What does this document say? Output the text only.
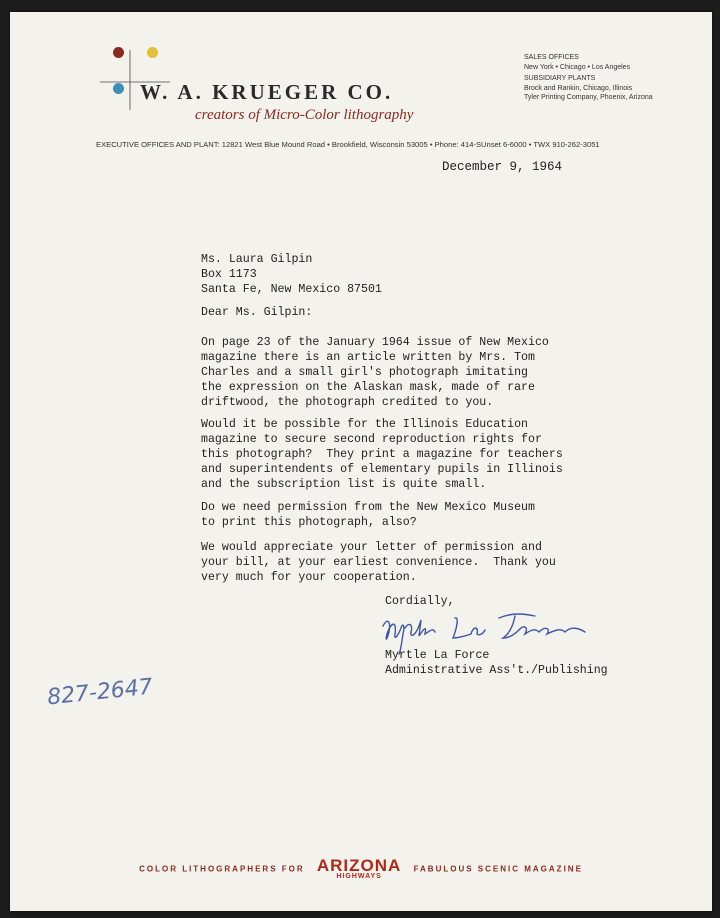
W. A. KRUEGER CO.
creators of Micro-Color lithography
SALES OFFICES
New York • Chicago • Los Angeles
SUBSIDIARY PLANTS
Brock and Rankin, Chicago, Illinois
Tyler Printing Company, Phoenix, Arizona
EXECUTIVE OFFICES AND PLANT: 12821 West Blue Mound Road • Brookfield, Wisconsin 53005 • Phone: 414-SUnset 6-6000 • TWX 910-262-3051
December 9, 1964
Ms. Laura Gilpin
Box 1173
Santa Fe, New Mexico 87501
Dear Ms. Gilpin:
On page 23 of the January 1964 issue of New Mexico
magazine there is an article written by Mrs. Tom
Charles and a small girl's photograph imitating
the expression on the Alaskan mask, made of rare
driftwood, the photograph credited to you.
Would it be possible for the Illinois Education
magazine to secure second reproduction rights for
this photograph?  They print a magazine for teachers
and superintendents of elementary pupils in Illinois
and the subscription list is quite small.
Do we need permission from the New Mexico Museum
to print this photograph, also?
We would appreciate your letter of permission and
your bill, at your earliest convenience.  Thank you
very much for your cooperation.
Cordially,
Myrtle La Force
Administrative Ass't./Publishing
827-2647
COLOR LITHOGRAPHERS FOR ARIZONA
HIGHWAYS
FABULOUS SCENIC MAGAZINE
